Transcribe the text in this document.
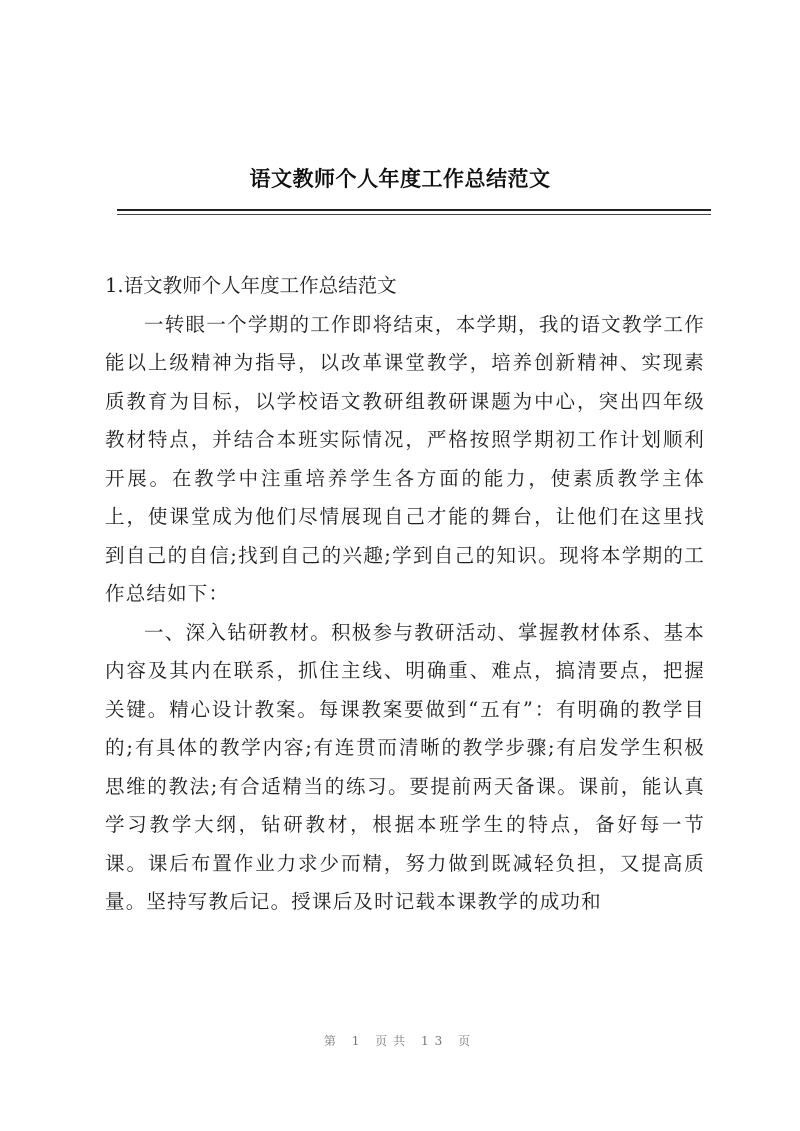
语文教师个人年度工作总结范文

1.语文教师个人年度工作总结范文

一转眼一个学期的工作即将结束，本学期，我的语文教学工作能以上级精神为指导，以改革课堂教学，培养创新精神、实现素质教育为目标，以学校语文教研组教研课题为中心，突出四年级教材特点，并结合本班实际情况，严格按照学期初工作计划顺利开展。在教学中注重培养学生各方面的能力，使素质教学主体上，使课堂成为他们尽情展现自己才能的舞台，让他们在这里找到自己的自信;找到自己的兴趣;学到自己的知识。现将本学期的工作总结如下：

一、深入钻研教材。积极参与教研活动、掌握教材体系、基本内容及其内在联系，抓住主线、明确重、难点，搞清要点，把握关键。精心设计教案。每课教案要做到“五有”：有明确的教学目的;有具体的教学内容;有连贯而清晰的教学步骤;有启发学生积极思维的教法;有合适精当的练习。要提前两天备课。课前，能认真学习教学大纲，钻研教材，根据本班学生的特点，备好每一节课。课后布置作业力求少而精，努力做到既减轻负担，又提高质量。坚持写教后记。授课后及时记载本课教学的成功和

第 1 页共 13 页
